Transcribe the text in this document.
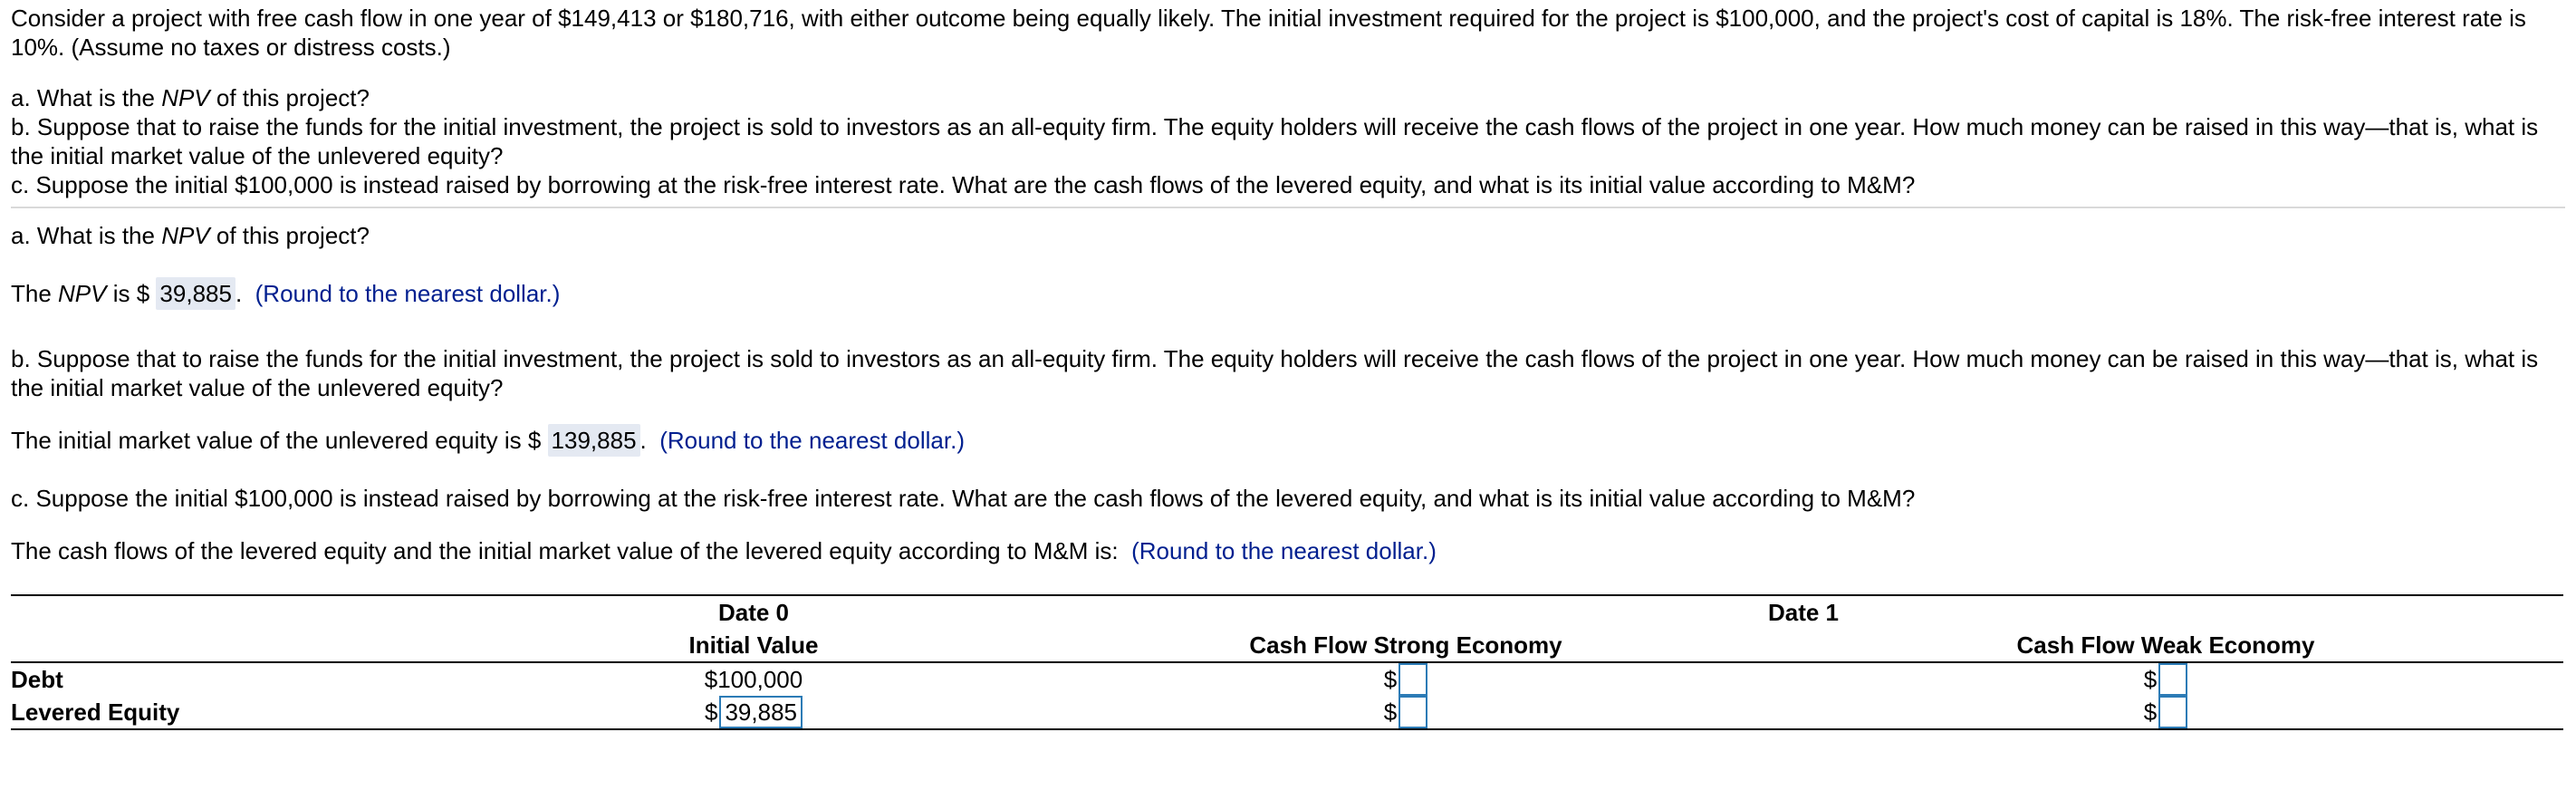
Consider a project with free cash flow in one year of $149,413 or $180,716, with either outcome being equally likely. The initial investment required for the project is $100,000, and the project's cost of capital is 18%. The risk-free interest rate is
10%. (Assume no taxes or distress costs.)
a. What is the NPV of this project?
b. Suppose that to raise the funds for the initial investment, the project is sold to investors as an all-equity firm. The equity holders will receive the cash flows of the project in one year. How much money can be raised in this way—that is, what is
the initial market value of the unlevered equity?
c. Suppose the initial $100,000 is instead raised by borrowing at the risk-free interest rate. What are the cash flows of the levered equity, and what is its initial value according to M&M?
a. What is the NPV of this project?
The NPV is $ 39,885 . (Round to the nearest dollar.)
b. Suppose that to raise the funds for the initial investment, the project is sold to investors as an all-equity firm. The equity holders will receive the cash flows of the project in one year. How much money can be raised in this way—that is, what is
the initial market value of the unlevered equity?
The initial market value of the unlevered equity is $ 139,885 . (Round to the nearest dollar.)
c. Suppose the initial $100,000 is instead raised by borrowing at the risk-free interest rate. What are the cash flows of the levered equity, and what is its initial value according to M&M?
The cash flows of the levered equity and the initial market value of the levered equity according to M&M is: (Round to the nearest dollar.)

	Date 0	Date 1	
	Initial Value	Cash Flow Strong Economy	Cash Flow Weak Economy
Debt	$100,000	$	$

Levered Equity	$ 39,885	$	$
